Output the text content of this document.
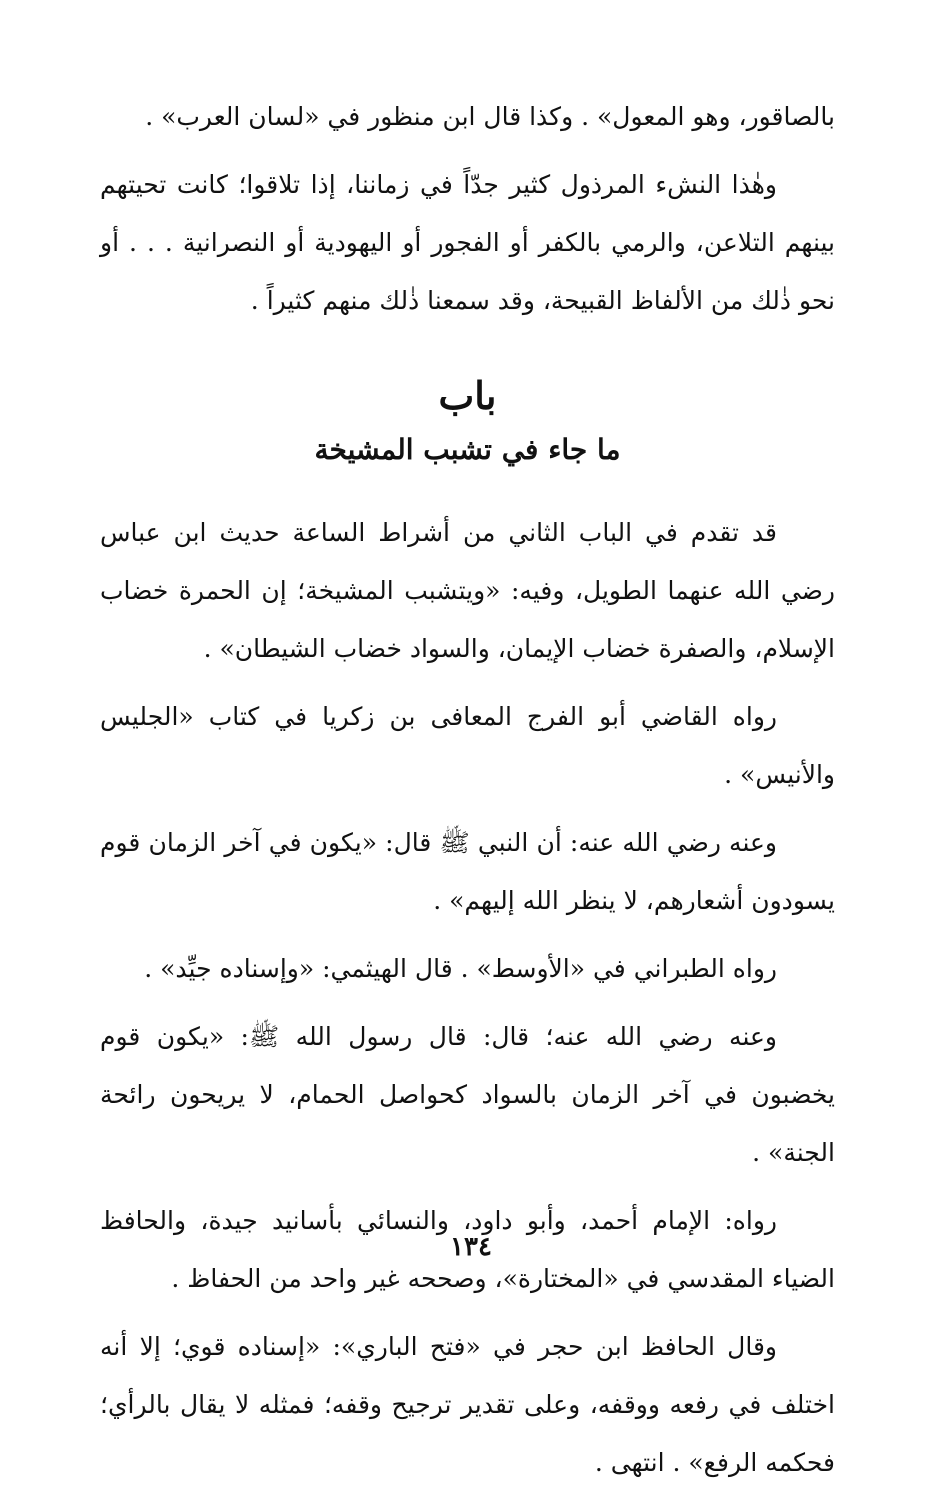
بالصاقور، وهو المعول» . وكذا قال ابن منظور في «لسان العرب» .

وهٰذا النشء المرذول كثير جدّاً في زماننا، إذا تلاقوا؛ كانت تحيتهم بينهم التلاعن، والرمي بالكفر أو الفجور أو اليهودية أو النصرانية . . . أو نحو ذٰلك من الألفاظ القبيحة، وقد سمعنا ذٰلك منهم كثيراً .

باب
ما جاء في تشبب المشيخة

قد تقدم في الباب الثاني من أشراط الساعة حديث ابن عباس رضي الله عنهما الطويل، وفيه: «ويتشبب المشيخة؛ إن الحمرة خضاب الإسلام، والصفرة خضاب الإيمان، والسواد خضاب الشيطان» .

رواه القاضي أبو الفرج المعافى بن زكريا في كتاب «الجليس والأنيس» .

وعنه رضي الله عنه: أن النبي ﷺ قال: «يكون في آخر الزمان قوم يسودون أشعارهم، لا ينظر الله إليهم» .

رواه الطبراني في «الأوسط» . قال الهيثمي: «وإسناده جيِّد» .

وعنه رضي الله عنه؛ قال: قال رسول الله ﷺ: «يكون قوم يخضبون في آخر الزمان بالسواد كحواصل الحمام، لا يريحون رائحة الجنة» .

رواه: الإمام أحمد، وأبو داود، والنسائي بأسانيد جيدة، والحافظ الضياء المقدسي في «المختارة»، وصححه غير واحد من الحفاظ .

وقال الحافظ ابن حجر في «فتح الباري»: «إسناده قوي؛ إلا أنه اختلف في رفعه ووقفه، وعلى تقدير ترجيح وقفه؛ فمثله لا يقال بالرأي؛ فحكمه الرفع» . انتهى .

١٣٤
